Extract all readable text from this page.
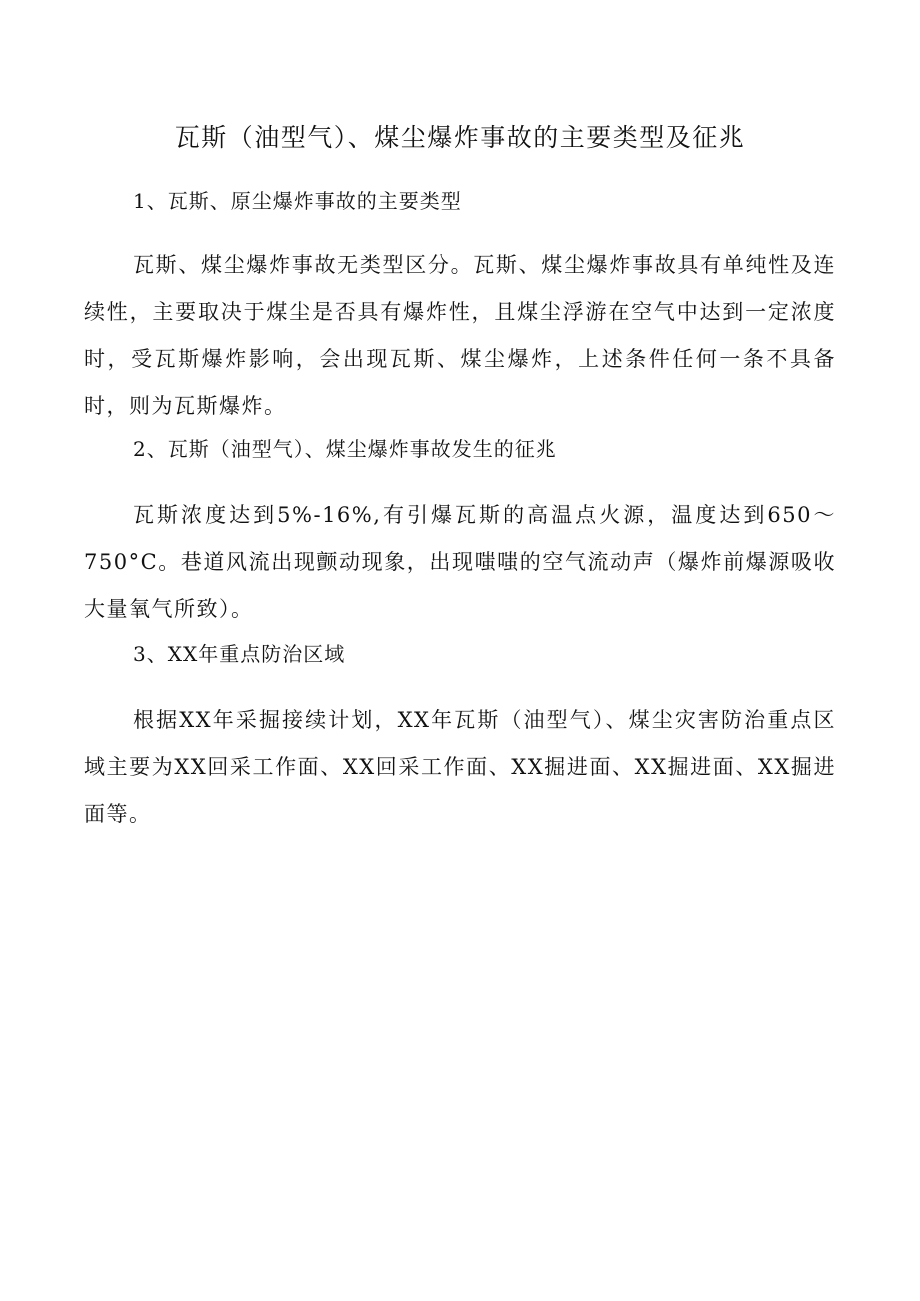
瓦斯（油型气）、煤尘爆炸事故的主要类型及征兆

1、瓦斯、原尘爆炸事故的主要类型

瓦斯、煤尘爆炸事故无类型区分。瓦斯、煤尘爆炸事故具有单纯性及连续性，主要取决于煤尘是否具有爆炸性，且煤尘浮游在空气中达到一定浓度时，受瓦斯爆炸影响，会出现瓦斯、煤尘爆炸，上述条件任何一条不具备时，则为瓦斯爆炸。

2、瓦斯（油型气）、煤尘爆炸事故发生的征兆

瓦斯浓度达到5%-16%,有引爆瓦斯的高温点火源，温度达到650～750°C。巷道风流出现颤动现象，出现嗤嗤的空气流动声（爆炸前爆源吸收大量氧气所致）。

3、XX年重点防治区域

根据XX年采掘接续计划，XX年瓦斯（油型气）、煤尘灾害防治重点区域主要为XX回采工作面、XX回采工作面、XX掘进面、XX掘进面、XX掘进面等。
